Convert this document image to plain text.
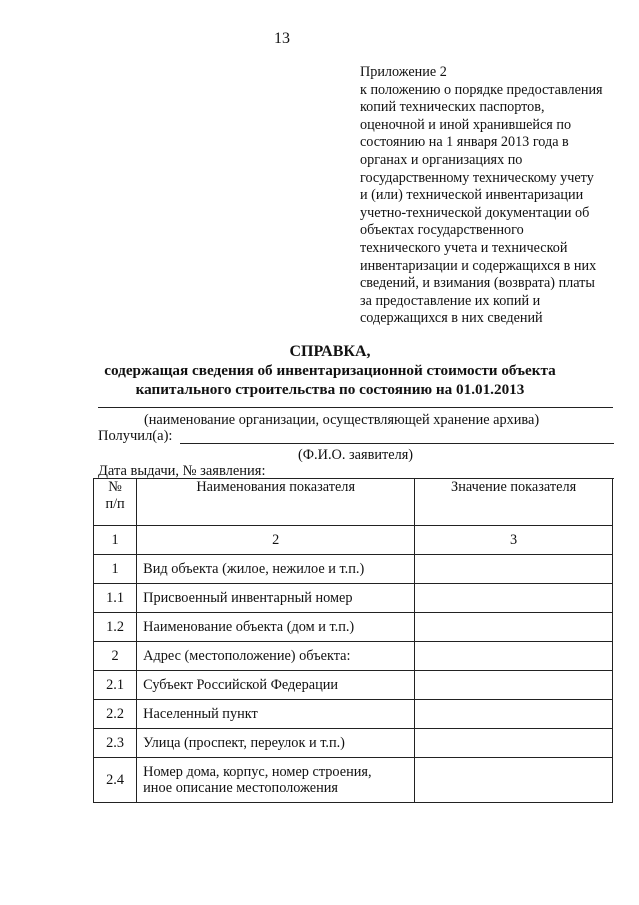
13
Приложение 2
к положению о порядке предоставления
копий технических паспортов,
оценочной и иной хранившейся по
состоянию на 1 января 2013 года в
органах и организациях по
государственному техническому учету
и (или) технической инвентаризации
учетно-технической документации об
объектах государственного
технического учета и технической
инвентаризации и содержащихся в них
сведений, и взимания (возврата) платы
за предоставление их копий и
содержащихся в них сведений
СПРАВКА,
содержащая сведения об инвентаризационной стоимости объекта
капитального строительства по состоянию на 01.01.2013
(наименование организации, осуществляющей хранение архива)
Получил(а):
(Ф.И.О. заявителя)
Дата выдачи, № заявления:
№
п/п	Наименования показателя	Значение показателя
1	2	3
1	Вид объекта (жилое, нежилое и т.п.)	
1.1	Присвоенный инвентарный номер	
1.2	Наименование объекта (дом и т.п.)	
2	Адрес (местоположение) объекта:	
2.1	Субъект Российской Федерации	
2.2	Населенный пункт	
2.3	Улица (проспект, переулок и т.п.)	
2.4	Номер дома, корпус, номер строения,
иное описание местоположения	
